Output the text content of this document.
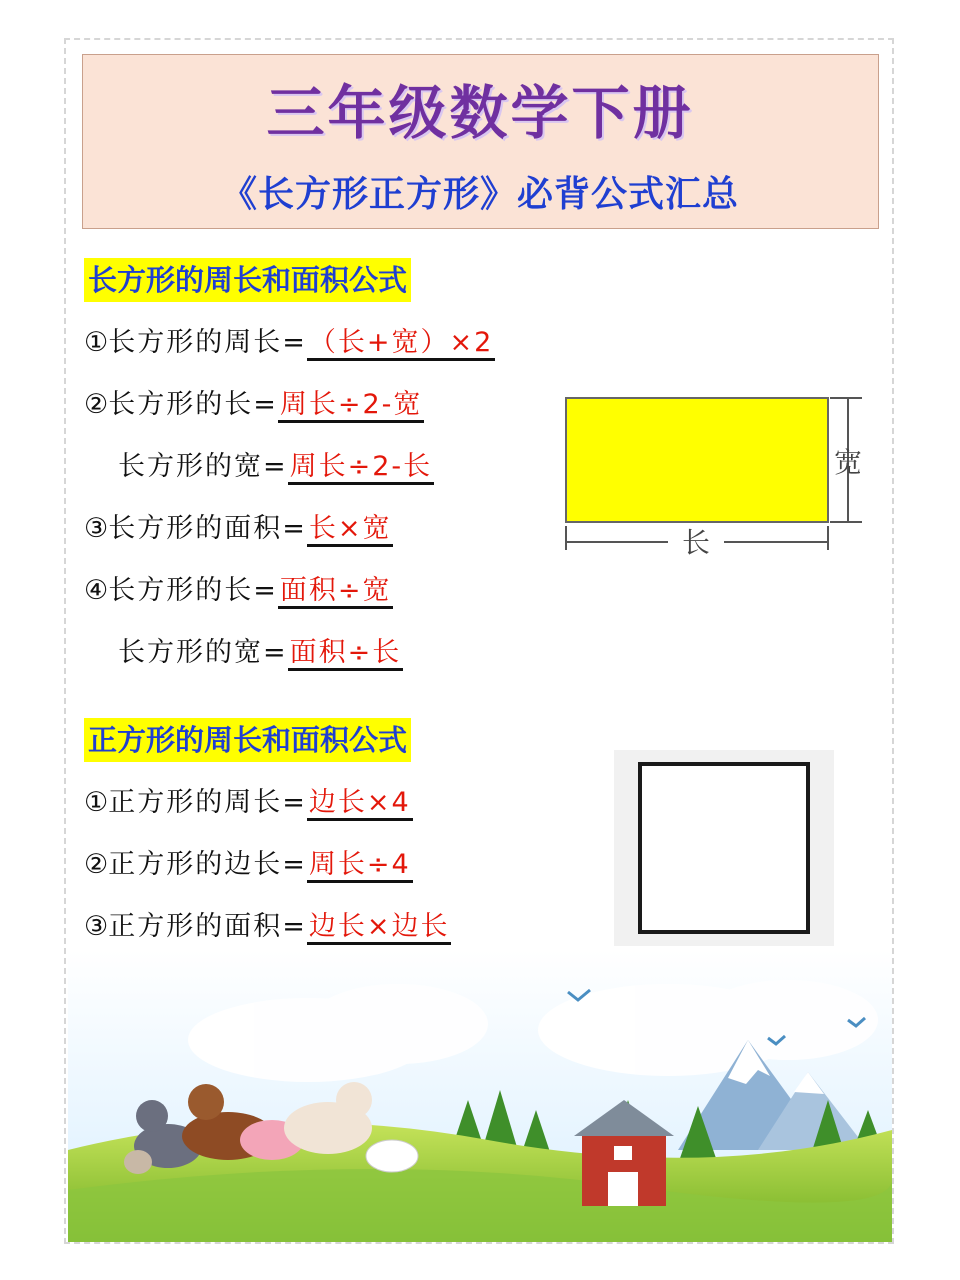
三年级数学下册
《长方形正方形》必背公式汇总
长方形的周长和面积公式
①长方形的周长=（长+宽）×2
②长方形的长=周长÷2-宽
长方形的宽=周长÷2-长
③长方形的面积=长×宽
④长方形的长=面积÷宽
长方形的宽=面积÷长
宽
长
正方形的周长和面积公式
①正方形的周长=边长×4
②正方形的边长=周长÷4
③正方形的面积=边长×边长
